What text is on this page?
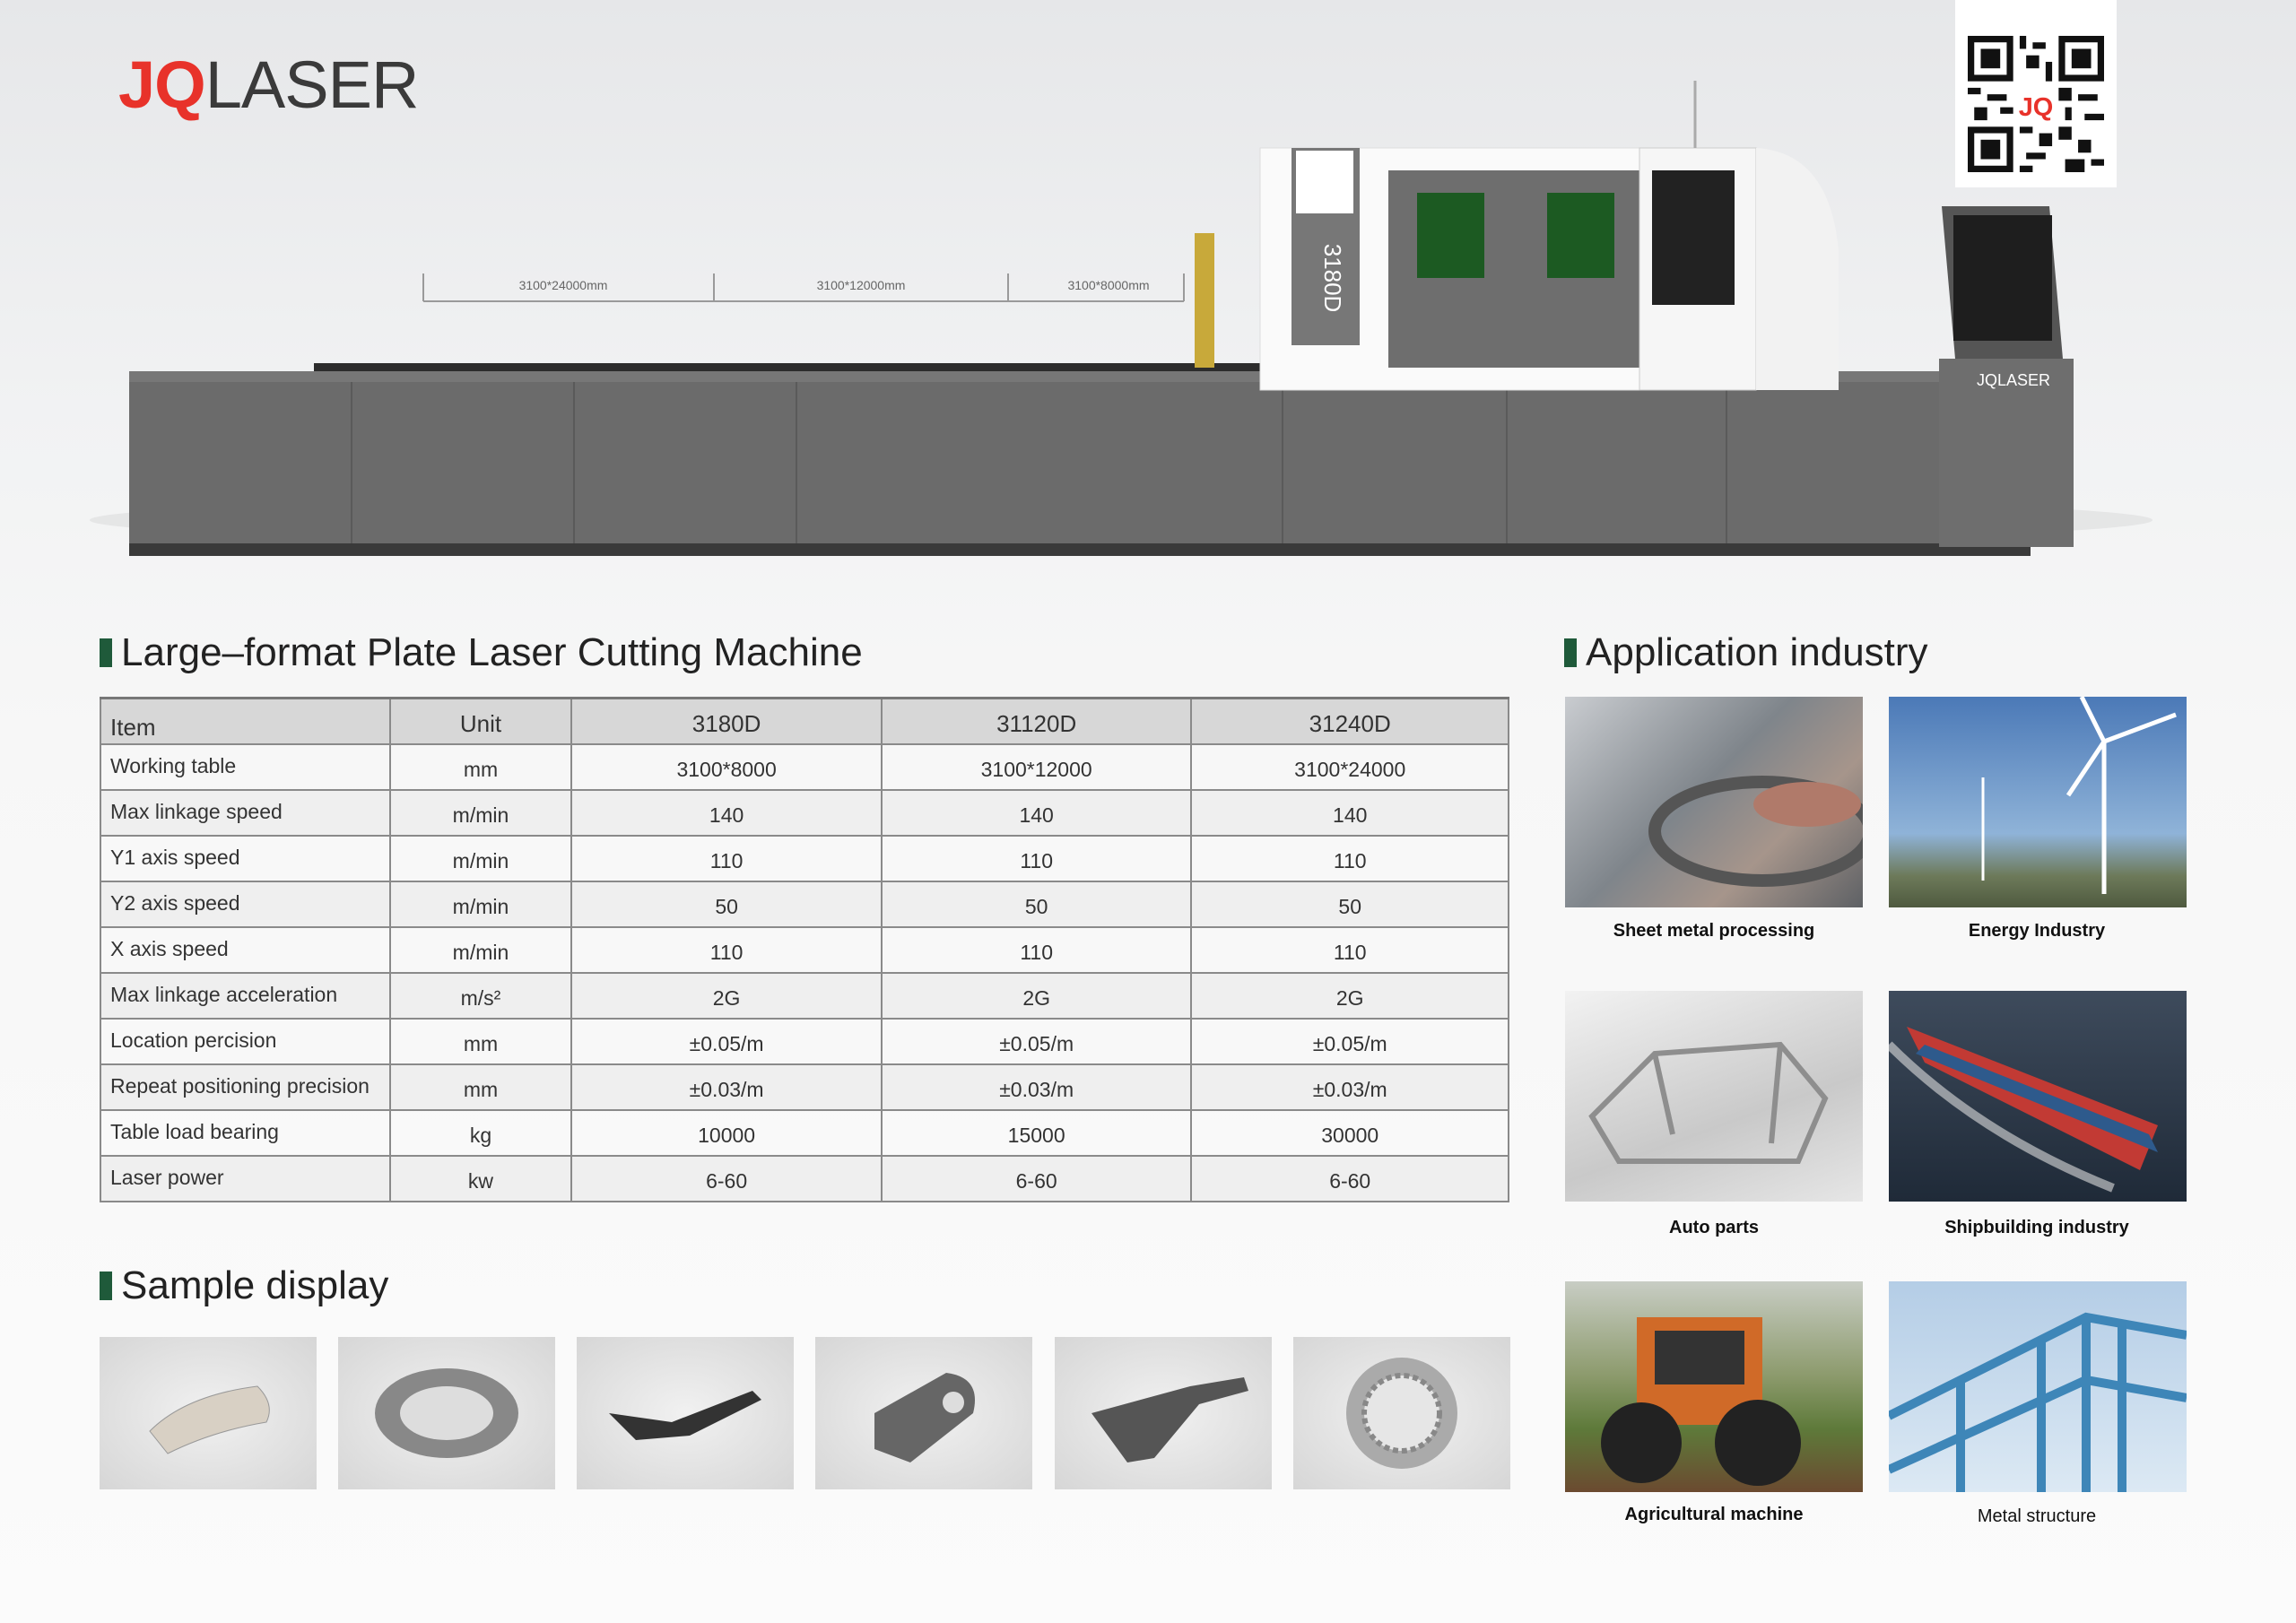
JQLASER	JQ
3100*24000mm	3100*12000mm	3100*8000mm	3180D
JQLASER
Large–format Plate Laser Cutting Machine
Item	Unit	3180D	31120D	31240D
Working table	mm	3100*8000	3100*12000	3100*24000
Max linkage speed	m/min	140	140	140
Y1 axis speed	m/min	110	110	110
Y2 axis speed	m/min	50	50	50
X axis speed	m/min	110	110	110
Max linkage acceleration	m/s²	2G	2G	2G
Location percision	mm	±0.05/m	±0.05/m	±0.05/m
Repeat positioning precision	mm	±0.03/m	±0.03/m	±0.03/m
Table load bearing	kg	10000	15000	30000
Laser power	kw	6-60	6-60	6-60
Application industry
Sheet metal processing	Energy Industry
Auto parts	Shipbuilding industry
Agricultural machine	Metal structure
Sample display
